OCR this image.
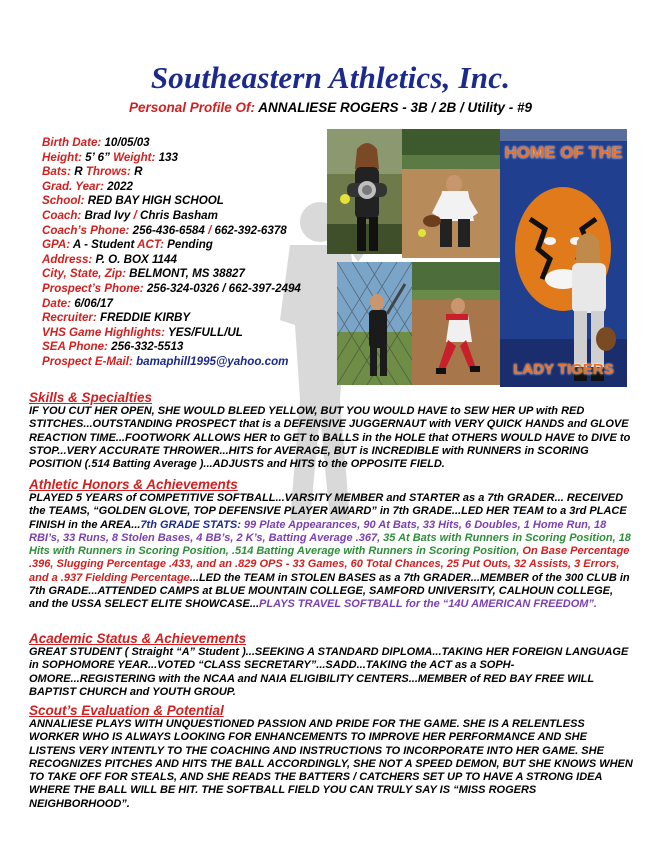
Southeastern Athletics, Inc.
Personal Profile Of: ANNALIESE ROGERS - 3B / 2B / Utility - #9
Birth Date: 10/05/03
Height: 5’ 6” Weight: 133
Bats: R Throws: R
Grad. Year: 2022
School: RED BAY HIGH SCHOOL
Coach: Brad Ivy / Chris Basham
Coach’s Phone: 256-436-6584 / 662-392-6378
GPA: A - Student ACT: Pending
Address: P. O. BOX 1144
City, State, Zip: BELMONT, MS 38827
Prospect’s Phone: 256-324-0326 / 662-397-2494
Date: 6/06/17
Recruiter: FREDDIE KIRBY
VHS Game Highlights: YES/FULL/UL
SEA Phone: 256-332-5513
Prospect E-Mail: bamaphill1995@yahoo.com
HOME OF THE
LADY TIGERS
Skills & Specialties
IF YOU CUT HER OPEN, SHE WOULD BLEED YELLOW, BUT YOU WOULD HAVE to SEW HER UP with RED STITCHES...OUTSTANDING PROSPECT that is a DEFENSIVE JUGGERNAUT with VERY QUICK HANDS and GLOVE REACTION TIME...FOOTWORK ALLOWS HER to GET to BALLS in the HOLE that OTHERS WOULD HAVE to DIVE to STOP...VERY ACCURATE THROWER...HITS for AVERAGE, BUT is INCREDIBLE with RUNNERS in SCORING POSITION (.514 Batting Average )...ADJUSTS and HITS to the OPPOSITE FIELD.
Athletic Honors & Achievements
PLAYED 5 YEARS of COMPETITIVE SOFTBALL...VARSITY MEMBER and STARTER as a 7th GRADER... RECEIVED the TEAMS, “GOLDEN GLOVE, TOP DEFENSIVE PLAYER AWARD” in 7th GRADE...LED HER TEAM to a 3rd PLACE FINISH in the AREA...7th GRADE STATS: 99 Plate Appearances, 90 At Bats, 33 Hits, 6 Doubles, 1 Home Run, 18 RBI’s, 33 Runs, 8 Stolen Bases, 4 BB’s, 2 K’s, Batting Average .367, 35 At Bats with Runners in Scoring Position, 18 Hits with Runners in Scoring Position, .514 Batting Average with Runners in Scoring Position, On Base Percentage .396, Slugging Percentage .433, and an .829 OPS - 33 Games, 60 Total Chances, 25 Put Outs, 32 Assists, 3 Errors, and a .937 Fielding Percentage...LED the TEAM in STOLEN BASES as a 7th GRADER...MEMBER of the 300 CLUB in 7th GRADE...ATTENDED CAMPS at BLUE MOUNTAIN COLLEGE, SAMFORD UNIVERSITY, CALHOUN COLLEGE, and the USSA SELECT ELITE SHOWCASE...PLAYS TRAVEL SOFTBALL for the “14U AMERICAN FREEDOM”.
Academic Status & Achievements
GREAT STUDENT ( Straight “A” Student )...SEEKING A STANDARD DIPLOMA...TAKING HER FOREIGN LANGUAGE in SOPHOMORE YEAR...VOTED “CLASS SECRETARY”...SADD...TAKING the ACT as a SOPH-OMORE...REGISTERING with the NCAA and NAIA ELIGIBILITY CENTERS...MEMBER of RED BAY FREE WILL BAPTIST CHURCH and YOUTH GROUP.
Scout’s Evaluation & Potential
ANNALIESE PLAYS WITH UNQUESTIONED PASSION AND PRIDE FOR THE GAME. SHE IS A RELENTLESS WORKER WHO IS ALWAYS LOOKING FOR ENHANCEMENTS TO IMPROVE HER PERFORMANCE AND SHE LISTENS VERY INTENTLY TO THE COACHING AND INSTRUCTIONS TO INCORPORATE INTO HER GAME. SHE RECOGNIZES PITCHES AND HITS THE BALL ACCORDINGLY, SHE NOT A SPEED DEMON, BUT SHE KNOWS WHEN TO TAKE OFF FOR STEALS, AND SHE READS THE BATTERS / CATCHERS SET UP TO HAVE A STRONG IDEA WHERE THE BALL WILL BE HIT. THE SOFTBALL FIELD YOU CAN TRULY SAY IS “MISS ROGERS NEIGHBORHOOD”.
